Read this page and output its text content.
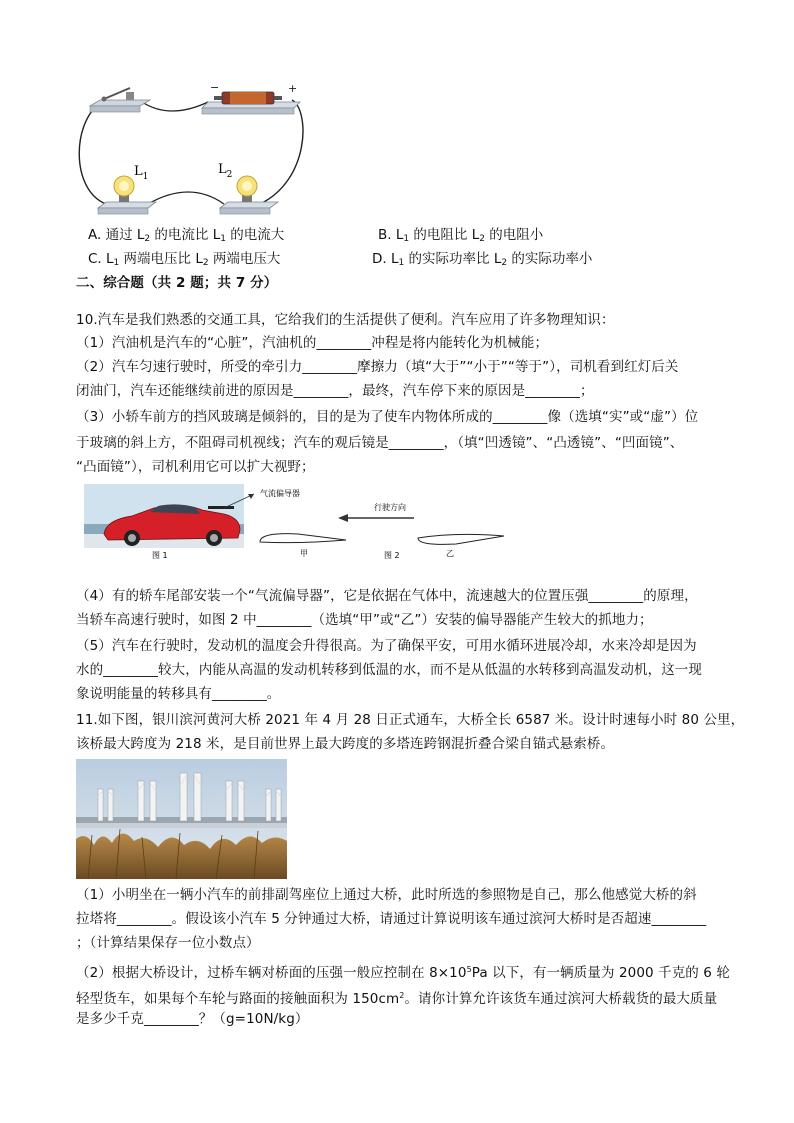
−	+
$L_1$	$L_2$
A. 通过 $L_2$ 的电流比 $L_1$ 的电流大	B. $L_1$ 的电阻比 $L_2$ 的电阻小
C. $L_1$ 两端电压比 $L_2$ 两端电压大	D. $L_1$ 的实际功率比 $L_2$ 的实际功率小
二、综合题（共 2 题；共 7 分）
10.汽车是我们熟悉的交通工具，它给我们的生活提供了便利。汽车应用了许多物理知识：
（1）汽油机是汽车的“心脏”，汽油机的________冲程是将内能转化为机械能；
（2）汽车匀速行驶时，所受的牵引力________摩擦力（填“大于”“小于”“等于”），司机看到红灯后关
闭油门，汽车还能继续前进的原因是________，最终，汽车停下来的原因是________；
（3）小轿车前方的挡风玻璃是倾斜的，目的是为了使车内物体所成的________像（选填“实”或“虚”）位
于玻璃的斜上方，不阻碍司机视线；汽车的观后镜是________，（填“凹透镜”、“凸透镜”、“凹面镜”、
“凸面镜”），司机利用它可以扩大视野；
图 1
气流偏导器
行驶方向
甲	乙
图 2
（4）有的轿车尾部安装一个“气流偏导器”，它是依据在气体中，流速越大的位置压强________的原理，
当轿车高速行驶时，如图 2 中________（选填“甲”或“乙”）安装的偏导器能产生较大的抓地力；
（5）汽车在行驶时，发动机的温度会升得很高。为了确保平安，可用水循环进展冷却，水来冷却是因为
水的________较大，内能从高温的发动机转移到低温的水，而不是从低温的水转移到高温发动机，这一现
象说明能量的转移具有________。
11.如下图，银川滨河黄河大桥 2021 年 4 月 28 日正式通车，大桥全长 6587 米。设计时速每小时 80 公里，
该桥最大跨度为 218 米，是目前世界上最大跨度的多塔连跨钢混折叠合梁自锚式悬索桥。
（1）小明坐在一辆小汽车的前排副驾座位上通过大桥，此时所选的参照物是自己，那么他感觉大桥的斜
拉塔将________。假设该小汽车 5 分钟通过大桥，请通过计算说明该车通过滨河大桥时是否超速________
；（计算结果保存一位小数点）
（2）根据大桥设计，过桥车辆对桥面的压强一般应控制在 $8\times 10^5Pa$ 以下，有一辆质量为 2000 千克的 6 轮
轻型货车，如果每个车轮与路面的接触面积为 $150cm^2$。请你计算允许该货车通过滨河大桥载货的最大质量
是多少千克________？（g=10N/kg）
